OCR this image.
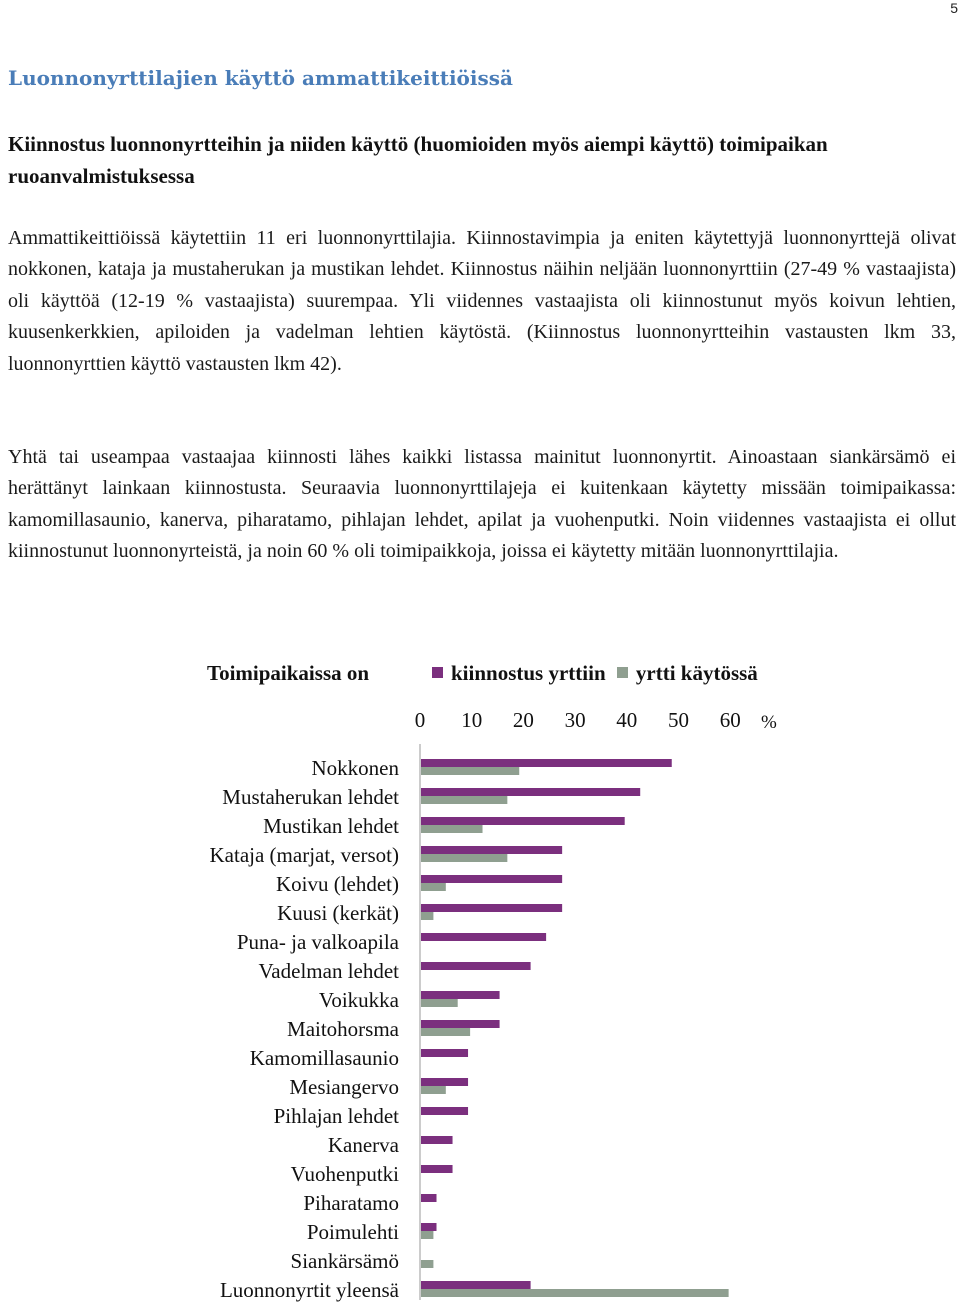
5
Luonnonyrttilajien käyttö ammattikeittiöissä

Kiinnostus luonnonyrtteihin ja niiden käyttö (huomioiden myös aiempi käyttö) toimipaikan ruoanvalmistuksessa

Ammattikeittiöissä käytettiin 11 eri luonnonyrttilajia. Kiinnostavimpia ja eniten käytettyjä luonnonyrttejä olivat nokkonen, kataja ja mustaherukan ja mustikan lehdet. Kiinnostus näihin neljään luonnonyrttiin (27-49 % vastaajista) oli käyttöä (12-19 % vastaajista) suurempaa. Yli viidennes vastaajista oli kiinnostunut myös koivun lehtien, kuusenkerkkien, apiloiden ja vadelman lehtien käytöstä. (Kiinnostus luonnonyrtteihin vastausten lkm 33, luonnonyrttien käyttö vastausten lkm 42).

Yhtä tai useampaa vastaajaa kiinnosti lähes kaikki listassa mainitut luonnonyrtit. Ainoastaan siankärsämö ei herättänyt lainkaan kiinnostusta. Seuraavia luonnonyrttilajeja ei kuitenkaan käytetty missään toimipaikassa: kamomillasaunio, kanerva, piharatamo, pihlajan lehdet, apilat ja vuohenputki. Noin viidennes vastaajista ei ollut kiinnostunut luonnonyrteistä, ja noin 60 % oli toimipaikkoja, joissa ei käytetty mitään luonnonyrttilajia.

Toimipaikaissa on	kiinnostus yrttiin yrtti käytössä
0 10 20 30 40 50 60 %
Nokkonen
Mustaherukan lehdet
Mustikan lehdet
Kataja (marjat, versot)
Koivu (lehdet)
Kuusi (kerkät)
Puna- ja valkoapila
Vadelman lehdet
Voikukka
Maitohorsma
Kamomillasaunio
Mesiangervo
Pihlajan lehdet
Kanerva
Vuohenputki
Piharatamo
Poimulehti
Siankärsämö
Luonnonyrtit yleensä
